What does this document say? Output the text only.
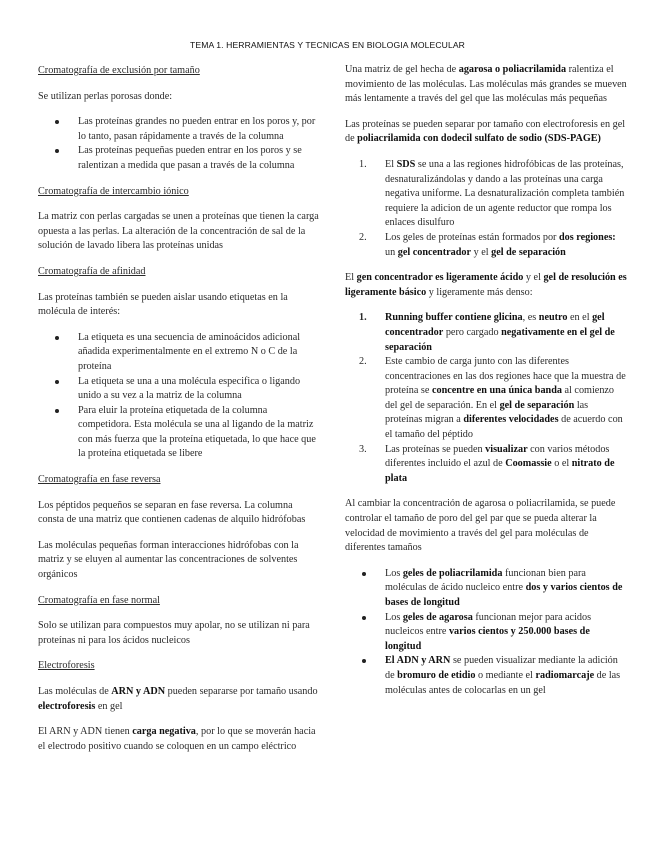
TEMA 1. HERRAMIENTAS Y TECNICAS EN BIOLOGIA MOLECULAR
Cromatografía de exclusión por tamaño
Se utilizan perlas porosas donde:
Las proteínas grandes no pueden entrar en los poros y, por lo tanto, pasan rápidamente a través de la columna
Las proteínas pequeñas pueden entrar en los poros y se ralentizan a medida que pasan a través de la columna
Cromatografía de intercambio iónico
La matriz con perlas cargadas se unen a proteínas que tienen la carga opuesta a las perlas. La alteración de la concentración de sal de la solución de lavado libera las proteínas unidas
Cromatografía de afinidad
Las proteínas también se pueden aislar usando etiquetas en la molécula de interés:
La etiqueta es una secuencia de aminoácidos adicional añadida experimentalmente en el extremo N o C de la proteína
La etiqueta se una a una molécula especifica o ligando unido a su vez a la matriz de la columna
Para eluir la proteína etiquetada de la columna competidora. Esta molécula se una al ligando de la matriz con más fuerza que la proteína etiquetada, lo que hace que la proteína etiquetada se libere
Cromatografía en fase reversa
Los péptidos pequeños se separan en fase reversa. La columna consta de una matriz que contienen cadenas de alquilo hidrófobas
Las moléculas pequeñas forman interacciones hidrófobas con la matriz y se eluyen al aumentar las concentraciones de solventes orgánicos
Cromatografía en fase normal
Solo se utilizan para compuestos muy apolar, no se utilizan ni para proteínas ni para los ácidos nucleicos
Electroforesis
Las moléculas de ARN y ADN pueden separarse por tamaño usando electroforesis en gel
El ARN y ADN tienen carga negativa, por lo que se moverán hacia el electrodo positivo cuando se coloquen en un campo eléctrico
Una matriz de gel hecha de agarosa o poliacrilamida ralentiza el movimiento de las moléculas. Las moléculas más grandes se mueven más lentamente a través del gel que las moléculas más pequeñas
Las proteínas se pueden separar por tamaño con electroforesis en gel de poliacrilamida con dodecil sulfato de sodio (SDS-PAGE)
El SDS se una a las regiones hidrofóbicas de las proteínas, desnaturalizándolas y dando a las proteínas una carga negativa uniforme. La desnaturalización completa también requiere la adicion de un agente reductor que rompa los enlaces disulfuro
Los geles de proteínas están formados por dos regiones: un gel concentrador y el gel de separación
El gen concentrador es ligeramente ácido y el gel de resolución es ligeramente básico y ligeramente más denso:
Running buffer contiene glicina, es neutro en el gel concentrador pero cargado negativamente en el gel de separación
Este cambio de carga junto con las diferentes concentraciones en las dos regiones hace que la muestra de proteína se concentre en una única banda al comienzo del gel de separación. En el gel de separación las proteínas migran a diferentes velocidades de acuerdo con el tamaño del péptido
Las proteínas se pueden visualizar con varios métodos diferentes incluido el azul de Coomassie o el nitrato de plata
Al cambiar la concentración de agarosa o poliacrilamida, se puede controlar el tamaño de poro del gel par que se pueda alterar la velocidad de movimiento a través del gel para moléculas de diferentes tamaños
Los geles de poliacrilamida funcionan bien para moléculas de ácido nucleico entre dos y varios cientos de bases de longitud
Los geles de agarosa funcionan mejor para acidos nucleicos entre varios cientos y 250.000 bases de longitud
El ADN y ARN se pueden visualizar mediante la adición de bromuro de etidio o mediante el radiomarcaje de las moléculas antes de colocarlas en un gel
